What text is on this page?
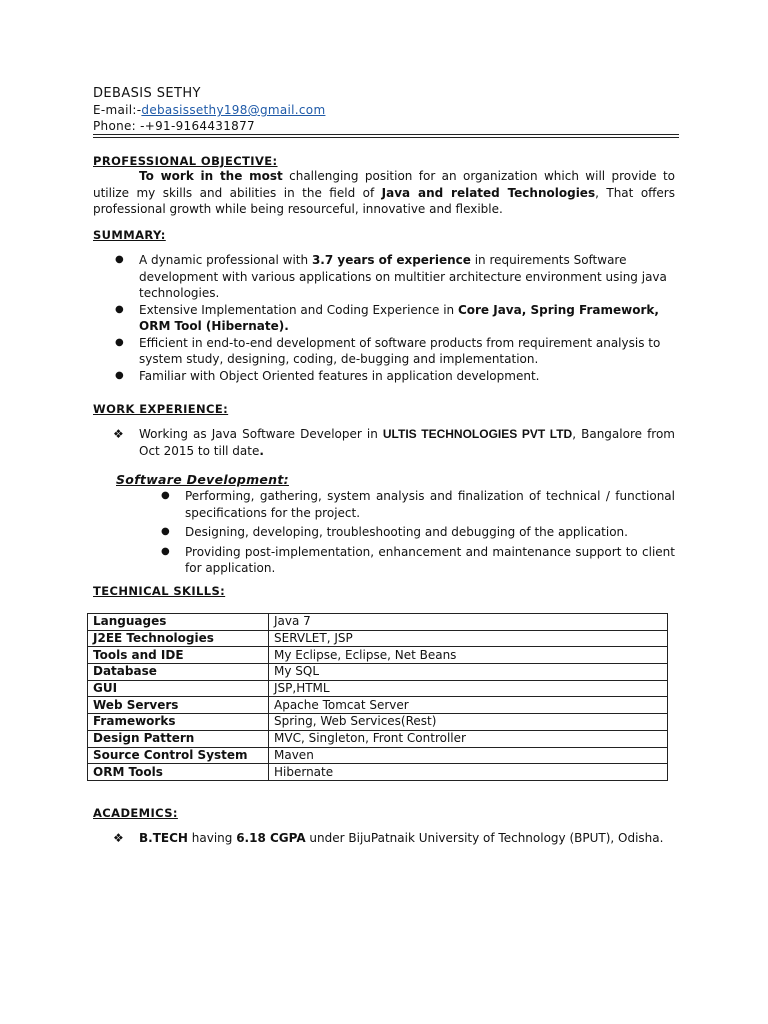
DEBASIS SETHY
E-mail:-debasissethy198@gmail.com
Phone: -+91-9164431877
PROFESSIONAL OBJECTIVE:
To work in the most challenging position for an organization which will provide to utilize my skills and abilities in the field of Java and related Technologies, That offers professional growth while being resourceful, innovative and flexible.
SUMMARY:
● A dynamic professional with 3.7 years of experience in requirements Software development with various applications on multitier architecture environment using java technologies.
● Extensive Implementation and Coding Experience in Core Java, Spring Framework, ORM Tool (Hibernate).
● Efficient in end-to-end development of software products from requirement analysis to system study, designing, coding, de-bugging and implementation.
● Familiar with Object Oriented features in application development.
WORK EXPERIENCE:
❖ Working as Java Software Developer in ULTIS TECHNOLOGIES PVT LTD, Bangalore from Oct 2015 to till date.
Software Development:
● Performing, gathering, system analysis and finalization of technical / functional specifications for the project.
● Designing, developing, troubleshooting and debugging of the application.
● Providing post-implementation, enhancement and maintenance support to client for application.
TECHNICAL SKILLS:
Languages	Java 7
J2EE Technologies	SERVLET, JSP
Tools and IDE	My Eclipse, Eclipse, Net Beans
Database	My SQL
GUI	JSP,HTML
Web Servers	Apache Tomcat Server
Frameworks	Spring, Web Services(Rest)
Design Pattern	MVC, Singleton, Front Controller
Source Control System	Maven
ORM Tools	Hibernate
ACADEMICS:
❖ B.TECH having 6.18 CGPA under BijuPatnaik University of Technology (BPUT), Odisha.
